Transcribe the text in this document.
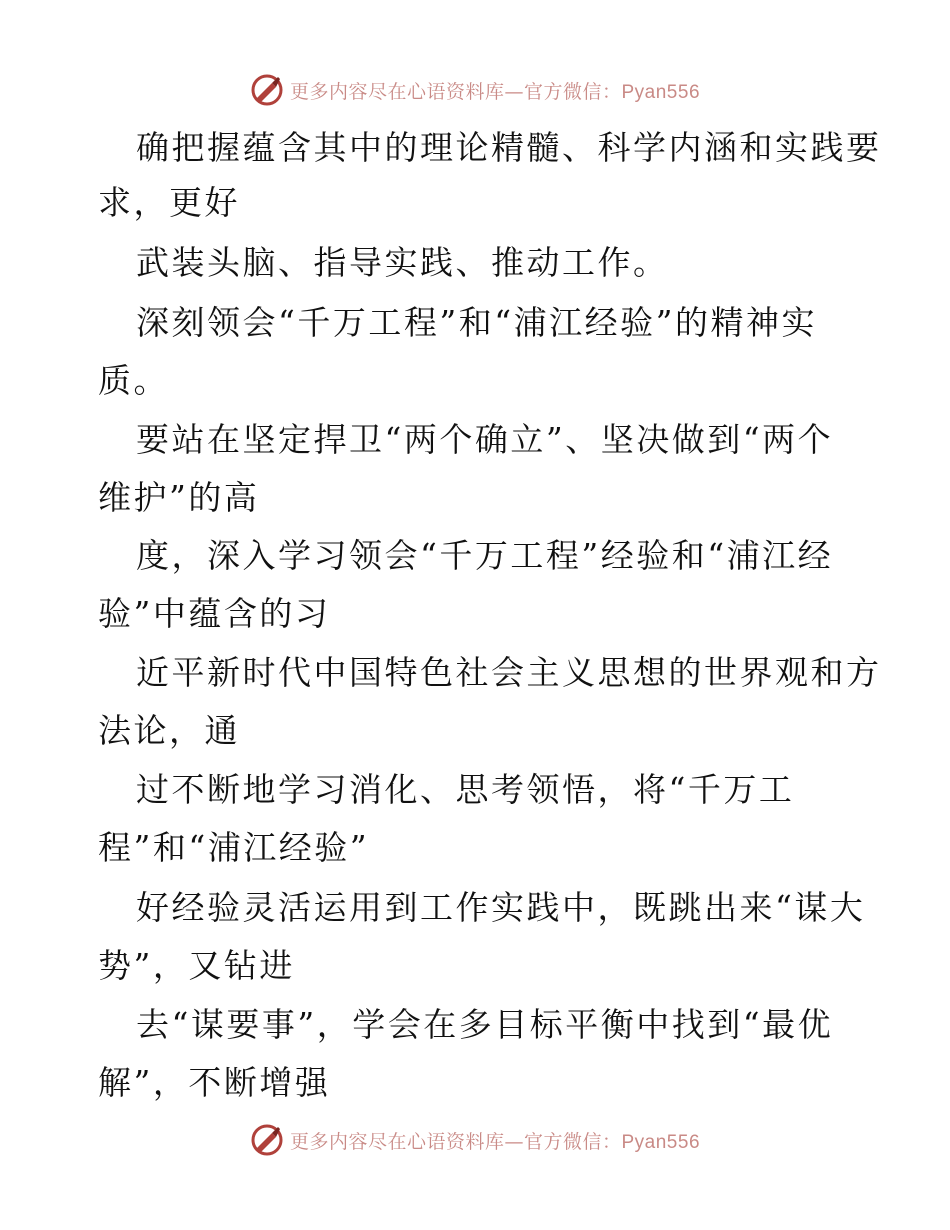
更多内容尽在心语资料库—官方微信：Pyan556
确把握蕴含其中的理论精髓、科学内涵和实践要
求，更好
武装头脑、指导实践、推动工作。
深刻领会“千万工程”和“浦江经验”的精神实
质。
要站在坚定捍卫“两个确立”、坚决做到“两个
维护”的高
度，深入学习领会“千万工程”经验和“浦江经
验”中蕴含的习
近平新时代中国特色社会主义思想的世界观和方
法论，通
过不断地学习消化、思考领悟，将“千万工
程”和“浦江经验”
好经验灵活运用到工作实践中，既跳出来“谋大
势”，又钻进
去“谋要事”，学会在多目标平衡中找到“最优
解”，不断增强
更多内容尽在心语资料库—官方微信：Pyan556
